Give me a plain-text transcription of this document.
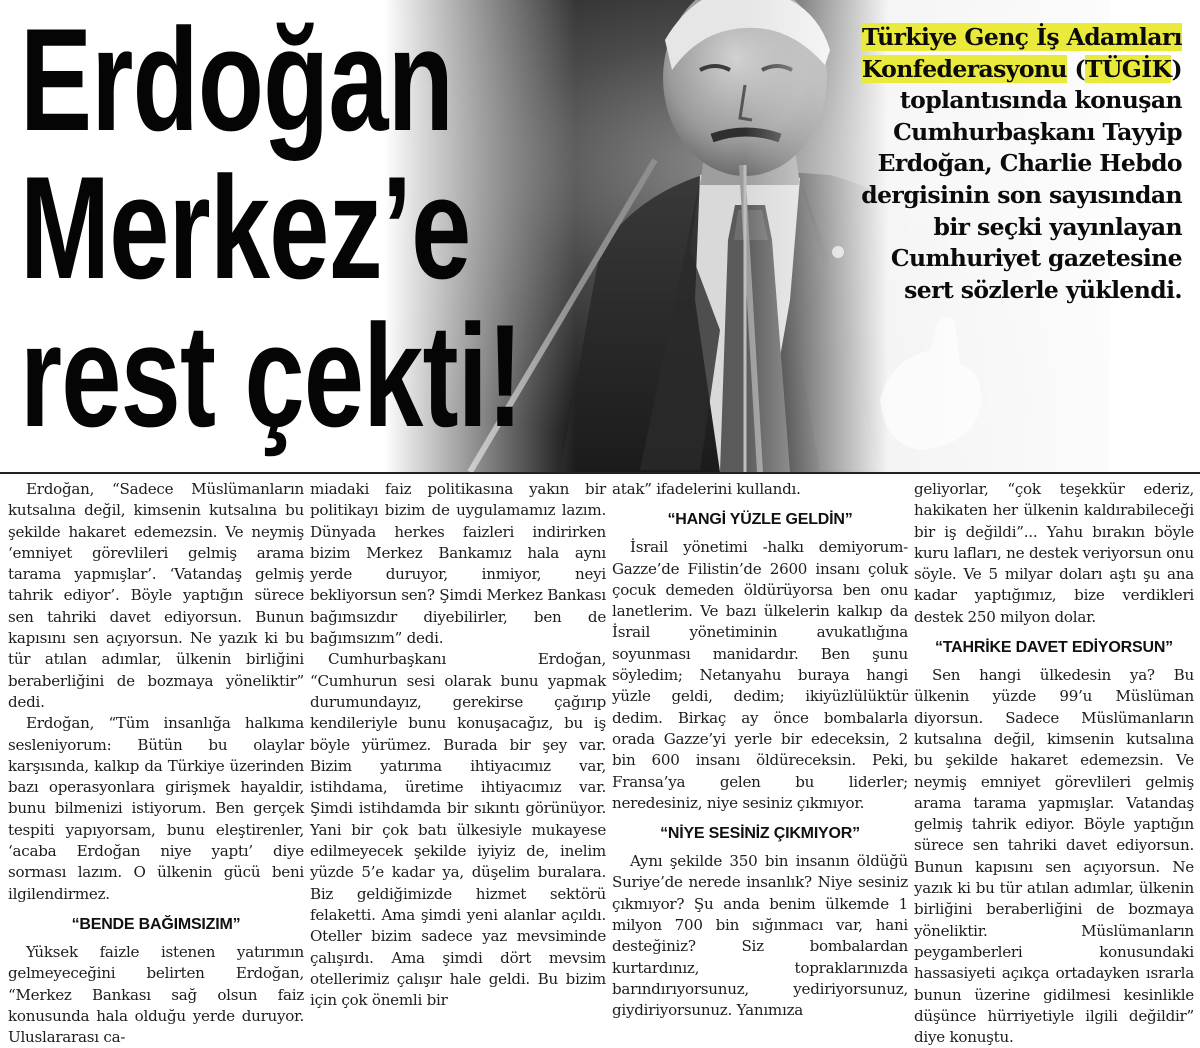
Erdoğan
Merkez’e
rest çekti!
Türkiye Genç İş Adamları Konfederasyonu (TÜGİK) toplantısında konuşan Cumhurbaşkanı Tayyip Erdoğan, Charlie Hebdo dergisinin son sayısından bir seçki yayınlayan Cumhuriyet gazetesine sert sözlerle yüklendi.

Erdoğan, “Sadece Müslümanların kutsalına değil, kimsenin kutsalına bu şekilde hakaret edemezsin. Ve neymiş ‘emniyet görevlileri gelmiş arama tarama yapmışlar’. ‘Vatandaş gelmiş tahrik ediyor’. Böyle yaptığın sürece sen tahriki davet ediyorsun. Bunun kapısını sen açıyorsun. Ne yazık ki bu tür atılan adımlar, ülkenin birliğini beraberliğini de bozmaya yöneliktir” dedi.

Erdoğan, “Tüm insanlığa halkıma sesleniyorum: Bütün bu olaylar karşısında, kalkıp da Türkiye üzerinden bazı operasyonlara girişmek hayaldir, bunu bilmenizi istiyorum. Ben gerçek tespiti yapıyorsam, bunu eleştirenler, ‘acaba Erdoğan niye yaptı’ diye sorması lazım. O ülkenin gücü beni ilgilendirmez.

“BENDE BAĞIMSIZIM”

Yüksek faizle istenen yatırımın gelmeyeceğini belirten Erdoğan, “Merkez Bankası sağ olsun faiz konusunda hala olduğu yerde duruyor. Uluslararası ca-

miadaki faiz politikasına yakın bir politikayı bizim de uygulamamız lazım. Dünyada herkes faizleri indirirken bizim Merkez Bankamız hala aynı yerde duruyor, inmiyor, neyi bekliyorsun sen? Şimdi Merkez Bankası bağımsızdır diyebilirler, ben de bağımsızım” dedi.

Cumhurbaşkanı Erdoğan, “Cumhurun sesi olarak bunu yapmak durumundayız, gerekirse çağırıp kendileriyle bunu konuşacağız, bu iş böyle yürümez. Burada bir şey var. Bizim yatırıma ihtiyacımız var, istihdama, üretime ihtiyacımız var. Şimdi istihdamda bir sıkıntı görünüyor. Yani bir çok batı ülkesiyle mukayese edilmeyecek şekilde iyiyiz de, inelim yüzde 5’e kadar ya, düşelim buralara. Biz geldiğimizde hizmet sektörü felaketti. Ama şimdi yeni alanlar açıldı. Oteller bizim sadece yaz mevsiminde çalışırdı. Ama şimdi dört mevsim otellerimiz çalışır hale geldi. Bu bizim için çok önemli bir

atak” ifadelerini kullandı.

“HANGİ YÜZLE GELDİN”

İsrail yönetimi -halkı demiyorum- Gazze’de Filistin’de 2600 insanı çoluk çocuk demeden öldürüyorsa ben onu lanetlerim. Ve bazı ülkelerin kalkıp da İsrail yönetiminin avukatlığına soyunması manidardır. Ben şunu söyledim; Netanyahu buraya hangi yüzle geldi, dedim; ikiyüzlülüktür dedim. Birkaç ay önce bombalarla orada Gazze’yi yerle bir edeceksin, 2 bin 600 insanı öldüreceksin. Peki, Fransa’ya gelen bu liderler; neredesiniz, niye sesiniz çıkmıyor.

“NİYE SESİNİZ ÇIKMIYOR”

Aynı şekilde 350 bin insanın öldüğü Suriye’de nerede insanlık? Niye sesiniz çıkmıyor? Şu anda benim ülkemde 1 milyon 700 bin sığınmacı var, hani desteğiniz? Siz bombalardan kurtardınız, topraklarınızda barındırıyorsunuz, yediriyorsunuz, giydiriyorsunuz. Yanımıza

geliyorlar, “çok teşekkür ederiz, hakikaten her ülkenin kaldırabileceği bir iş değildi”... Yahu bırakın böyle kuru lafları, ne destek veriyorsun onu söyle. Ve 5 milyar doları aştı şu ana kadar yaptığımız, bize verdikleri destek 250 milyon dolar.

“TAHRİKE DAVET EDİYORSUN”

Sen hangi ülkedesin ya? Bu ülkenin yüzde 99’u Müslüman diyorsun. Sadece Müslümanların kutsalına değil, kimsenin kutsalına bu şekilde hakaret edemezsin. Ve neymiş emniyet görevlileri gelmiş arama tarama yapmışlar. Vatandaş gelmiş tahrik ediyor. Böyle yaptığın sürece sen tahriki davet ediyorsun. Bunun kapısını sen açıyorsun. Ne yazık ki bu tür atılan adımlar, ülkenin birliğini beraberliğini de bozmaya yöneliktir. Müslümanların peygamberleri konusundaki hassasiyeti açıkça ortadayken ısrarla bunun üzerine gidilmesi kesinlikle düşünce hürriyetiyle ilgili değildir” diye konuştu.
